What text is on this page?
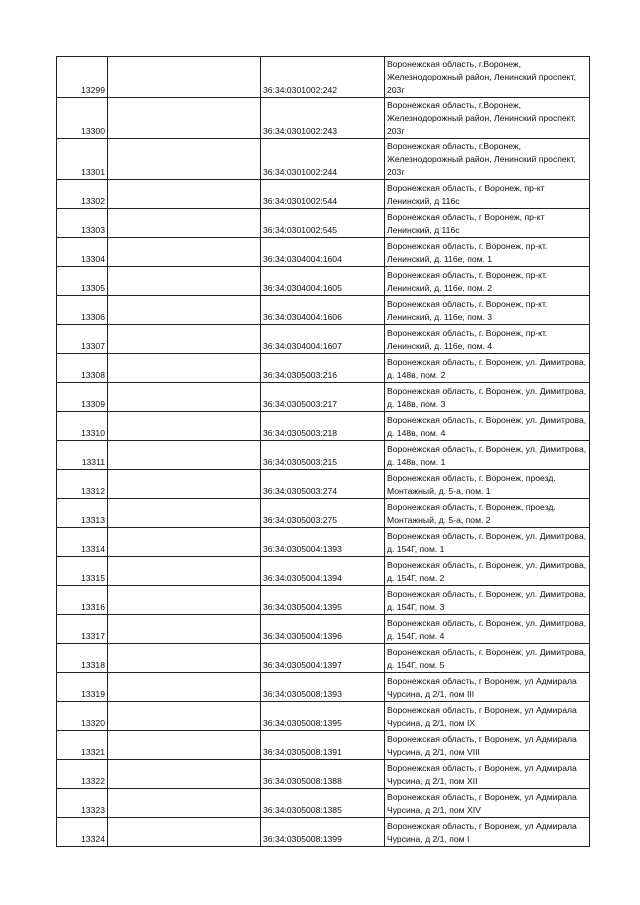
13299		36:34:0301002:242	Воронежская область, г.Воронеж, Железнодорожный район, Ленинский проспект, 203г
13300		36:34:0301002:243	Воронежская область, г.Воронеж, Железнодорожный район, Ленинский проспект, 203г
13301		36:34:0301002:244	Воронежская область, г.Воронеж, Железнодорожный район, Ленинский проспект, 203г
13302		36:34:0301002:544	Воронежская область, г Воронеж, пр-кт Ленинский, д 116с
13303		36:34:0301002:545	Воронежская область, г Воронеж, пр-кт Ленинский, д 116с
13304		36:34:0304004:1604	Воронежская область, г. Воронеж, пр-кт. Ленинский, д. 116е, пом. 1
13305		36:34:0304004:1605	Воронежская область, г. Воронеж, пр-кт. Ленинский, д. 116е, пом. 2
13306		36:34:0304004:1606	Воронежская область, г. Воронеж, пр-кт. Ленинский, д. 116е, пом. 3
13307		36:34:0304004:1607	Воронежская область, г. Воронеж, пр-кт. Ленинский, д. 116е, пом. 4
13308		36:34:0305003:216	Воронежская область, г. Воронеж, ул. Димитрова, д. 148в, пом. 2
13309		36:34:0305003:217	Воронежская область, г. Воронеж, ул. Димитрова, д. 148в, пом. 3
13310		36:34:0305003:218	Воронежская область, г. Воронеж, ул. Димитрова, д. 148в, пом. 4
13311		36:34:0305003:215	Воронежская область, г. Воронеж, ул. Димитрова, д. 148в, пом. 1
13312		36:34:0305003:274	Воронежская область, г. Воронеж, проезд. Монтажный, д. 5-а, пом. 1
13313		36:34:0305003:275	Воронежская область, г. Воронеж, проезд. Монтажный, д. 5-а, пом. 2
13314		36:34:0305004:1393	Воронежская область, г. Воронеж, ул. Димитрова, д. 154Г, пом. 1
13315		36:34:0305004:1394	Воронежская область, г. Воронеж, ул. Димитрова, д. 154Г, пом. 2
13316		36:34:0305004:1395	Воронежская область, г. Воронеж, ул. Димитрова, д. 154Г, пом. 3
13317		36:34:0305004:1396	Воронежская область, г. Воронеж, ул. Димитрова, д. 154Г, пом. 4
13318		36:34:0305004:1397	Воронежская область, г. Воронеж, ул. Димитрова, д. 154Г, пом. 5
13319		36:34:0305008:1393	Воронежская область, г Воронеж, ул Адмирала Чурсина, д 2/1, пом III
13320		36:34:0305008:1395	Воронежская область, г Воронеж, ул Адмирала Чурсина, д 2/1, пом IX
13321		36:34:0305008:1391	Воронежская область, г Воронеж, ул Адмирала Чурсина, д 2/1, пом VIII
13322		36:34:0305008:1388	Воронежская область, г Воронеж, ул Адмирала Чурсина, д 2/1, пом XII
13323		36:34:0305008:1385	Воронежская область, г Воронеж, ул Адмирала Чурсина, д 2/1, пом XIV
13324		36:34:0305008:1399	Воронежская область, г Воронеж, ул Адмирала Чурсина, д 2/1, пом I
